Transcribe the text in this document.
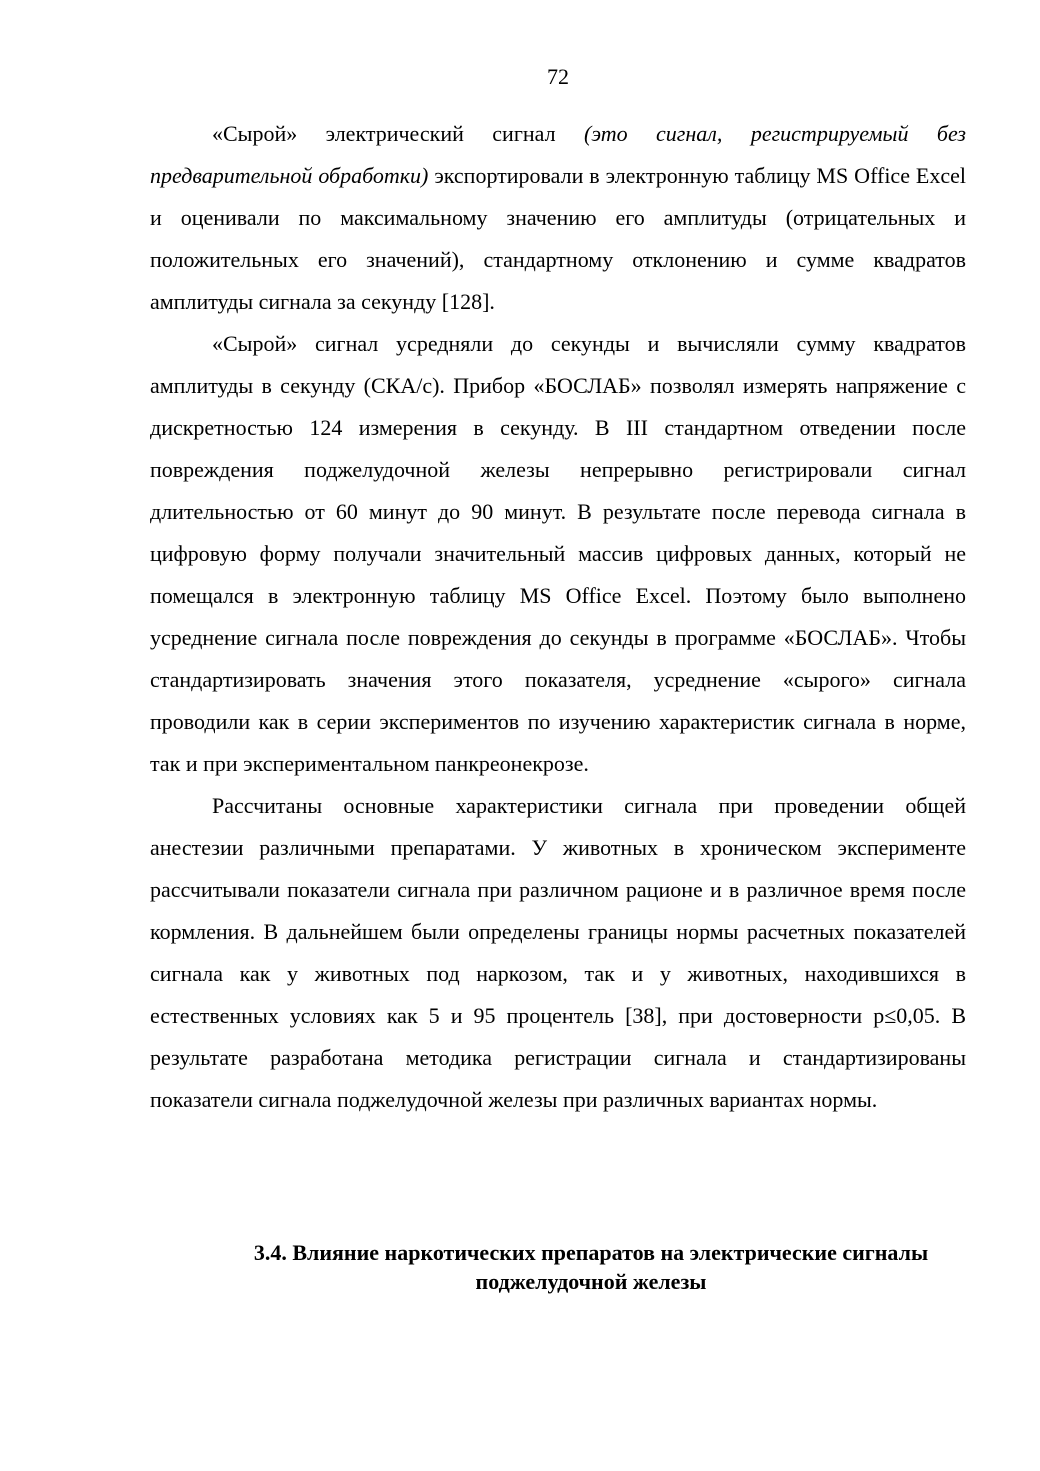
72

«Сырой» электрический сигнал (это сигнал, регистрируемый без предварительной обработки) экспортировали в электронную таблицу MS Office Excel и оценивали по максимальному значению его амплитуды (отрицательных и положительных его значений), стандартному отклонению и сумме квадратов амплитуды сигнала за секунду [128].

«Сырой» сигнал усредняли до секунды и вычисляли сумму квадратов амплитуды в секунду (СКА/с). Прибор «БОСЛАБ» позволял измерять напряжение с дискретностью 124 измерения в секунду. В III стандартном отведении после повреждения поджелудочной железы непрерывно регистрировали сигнал длительностью от 60 минут до 90 минут. В результате после перевода сигнала в цифровую форму получали значительный массив цифровых данных, который не помещался в электронную таблицу MS Office Excel. Поэтому было выполнено усреднение сигнала после повреждения до секунды в программе «БОСЛАБ». Чтобы стандартизировать значения этого показателя, усреднение «сырого» сигнала проводили как в серии экспериментов по изучению характеристик сигнала в норме, так и при экспериментальном панкреонекрозе.

Рассчитаны основные характеристики сигнала при проведении общей анестезии различными препаратами. У животных в хроническом эксперименте рассчитывали показатели сигнала при различном рационе и в различное время после кормления. В дальнейшем были определены границы нормы расчетных показателей сигнала как у животных под наркозом, так и у животных, находившихся в естественных условиях как 5 и 95 процентель [38], при достоверности р≤0,05. В результате разработана методика регистрации сигнала и стандартизированы показатели сигнала поджелудочной железы при различных вариантах нормы.

3.4. Влияние наркотических препаратов на электрические сигналы
поджелудочной железы
